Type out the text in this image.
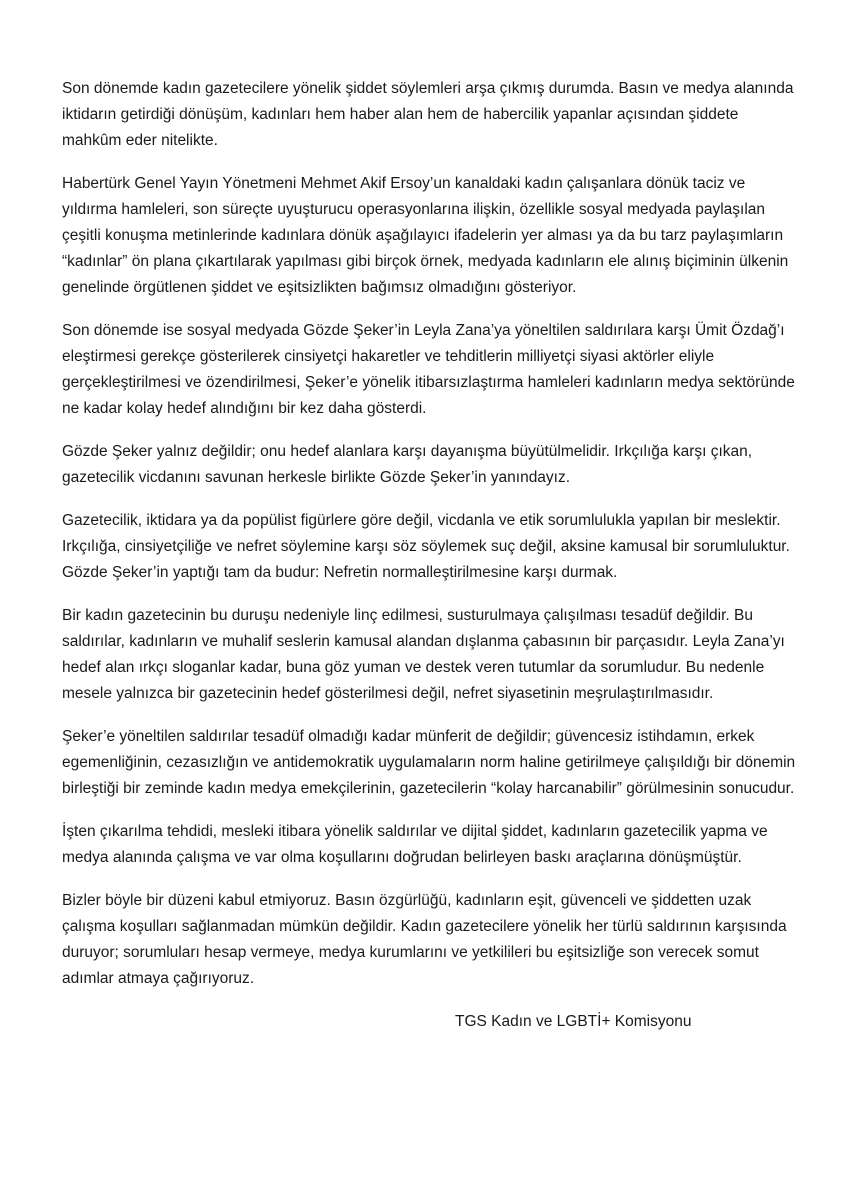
Son dönemde kadın gazetecilere yönelik şiddet söylemleri arşa çıkmış durumda. Basın ve medya alanında iktidarın getirdiği dönüşüm, kadınları hem haber alan hem de habercilik yapanlar açısından şiddete mahkûm eder nitelikte.

Habertürk Genel Yayın Yönetmeni Mehmet Akif Ersoy’un kanaldaki kadın çalışanlara dönük taciz ve yıldırma hamleleri, son süreçte uyuşturucu operasyonlarına ilişkin, özellikle sosyal medyada paylaşılan çeşitli konuşma metinlerinde kadınlara dönük aşağılayıcı ifadelerin yer alması ya da bu tarz paylaşımların “kadınlar” ön plana çıkartılarak yapılması gibi birçok örnek, medyada kadınların ele alınış biçiminin ülkenin genelinde örgütlenen şiddet ve eşitsizlikten bağımsız olmadığını gösteriyor.

Son dönemde ise sosyal medyada Gözde Şeker’in Leyla Zana’ya yöneltilen saldırılara karşı Ümit Özdağ’ı eleştirmesi gerekçe gösterilerek cinsiyetçi hakaretler ve tehditlerin milliyetçi siyasi aktörler eliyle gerçekleştirilmesi ve özendirilmesi, Şeker’e yönelik itibarsızlaştırma hamleleri kadınların medya sektöründe ne kadar kolay hedef alındığını bir kez daha gösterdi.

Gözde Şeker yalnız değildir; onu hedef alanlara karşı dayanışma büyütülmelidir. Irkçılığa karşı çıkan, gazetecilik vicdanını savunan herkesle birlikte Gözde Şeker’in yanındayız.

Gazetecilik, iktidara ya da popülist figürlere göre değil, vicdanla ve etik sorumlulukla yapılan bir meslektir. Irkçılığa, cinsiyetçiliğe ve nefret söylemine karşı söz söylemek suç değil, aksine kamusal bir sorumluluktur. Gözde Şeker’in yaptığı tam da budur: Nefretin normalleştirilmesine karşı durmak.

Bir kadın gazetecinin bu duruşu nedeniyle linç edilmesi, susturulmaya çalışılması tesadüf değildir. Bu saldırılar, kadınların ve muhalif seslerin kamusal alandan dışlanma çabasının bir parçasıdır. Leyla Zana’yı hedef alan ırkçı sloganlar kadar, buna göz yuman ve destek veren tutumlar da sorumludur. Bu nedenle mesele yalnızca bir gazetecinin hedef gösterilmesi değil, nefret siyasetinin meşrulaştırılmasıdır.

Şeker’e yöneltilen saldırılar tesadüf olmadığı kadar münferit de değildir; güvencesiz istihdamın, erkek egemenliğinin, cezasızlığın ve antidemokratik uygulamaların norm haline getirilmeye çalışıldığı bir dönemin birleştiği bir zeminde kadın medya emekçilerinin, gazetecilerin “kolay harcanabilir” görülmesinin sonucudur.

İşten çıkarılma tehdidi, mesleki itibara yönelik saldırılar ve dijital şiddet, kadınların gazetecilik yapma ve medya alanında çalışma ve var olma koşullarını doğrudan belirleyen baskı araçlarına dönüşmüştür.

Bizler böyle bir düzeni kabul etmiyoruz. Basın özgürlüğü, kadınların eşit, güvenceli ve şiddetten uzak çalışma koşulları sağlanmadan mümkün değildir. Kadın gazetecilere yönelik her türlü saldırının karşısında duruyor; sorumluları hesap vermeye, medya kurumlarını ve yetkilileri bu eşitsizliğe son verecek somut adımlar atmaya çağırıyoruz.

TGS Kadın ve LGBTİ+ Komisyonu
